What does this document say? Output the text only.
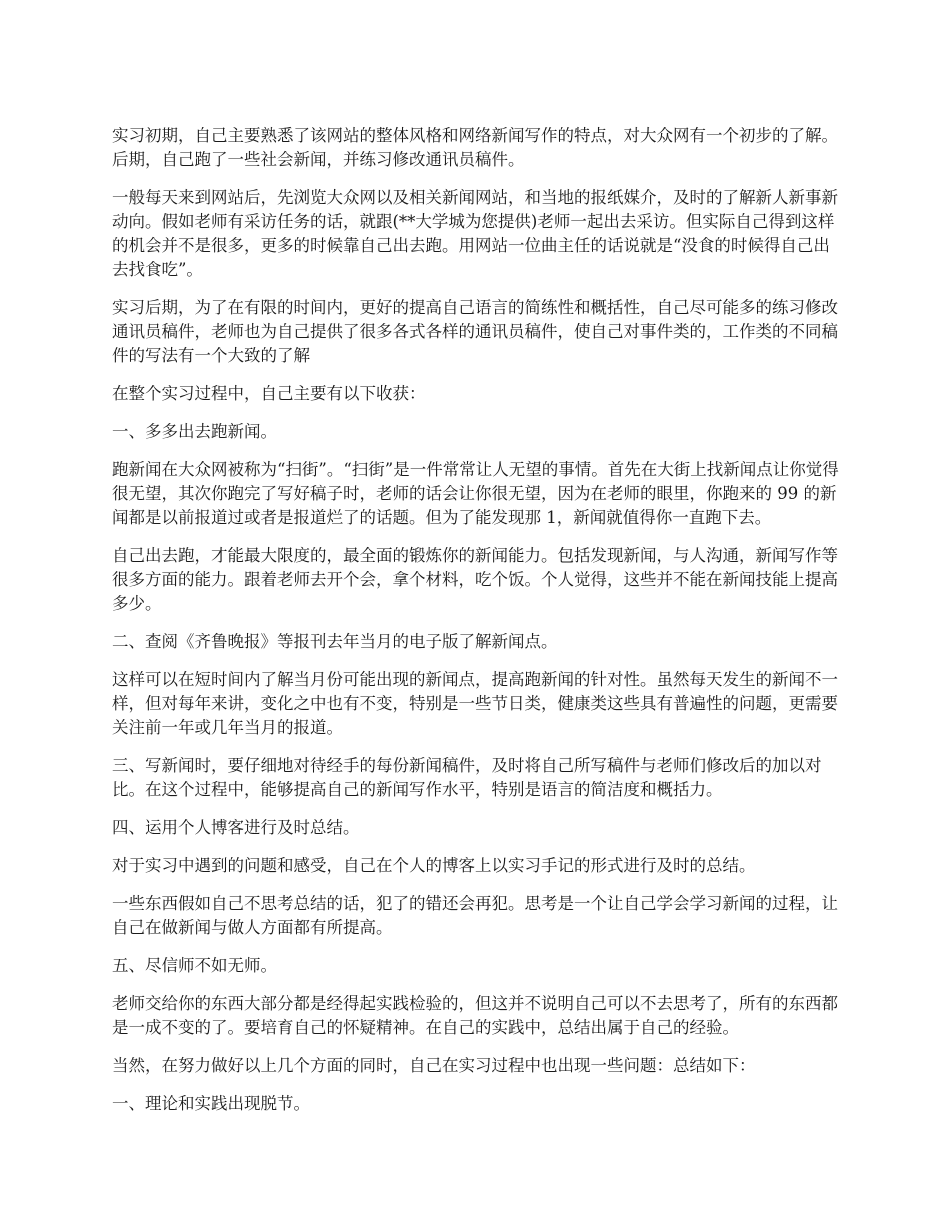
实习初期，自己主要熟悉了该网站的整体风格和网络新闻写作的特点，对大众网有一个初步的了解。后期，自己跑了一些社会新闻，并练习修改通讯员稿件。

一般每天来到网站后，先浏览大众网以及相关新闻网站，和当地的报纸媒介，及时的了解新人新事新动向。假如老师有采访任务的话，就跟(**大学城为您提供)老师一起出去采访。但实际自己得到这样的机会并不是很多，更多的时候靠自己出去跑。用网站一位曲主任的话说就是“没食的时候得自己出去找食吃”。

实习后期，为了在有限的时间内，更好的提高自己语言的简练性和概括性，自己尽可能多的练习修改通讯员稿件，老师也为自己提供了很多各式各样的通讯员稿件，使自己对事件类的，工作类的不同稿件的写法有一个大致的了解

在整个实习过程中，自己主要有以下收获：

一、多多出去跑新闻。

跑新闻在大众网被称为“扫街”。“扫街”是一件常常让人无望的事情。首先在大街上找新闻点让你觉得很无望，其次你跑完了写好稿子时，老师的话会让你很无望，因为在老师的眼里，你跑来的 99 的新闻都是以前报道过或者是报道烂了的话题。但为了能发现那 1，新闻就值得你一直跑下去。

自己出去跑，才能最大限度的，最全面的锻炼你的新闻能力。包括发现新闻，与人沟通，新闻写作等很多方面的能力。跟着老师去开个会，拿个材料，吃个饭。个人觉得，这些并不能在新闻技能上提高多少。

二、查阅《齐鲁晚报》等报刊去年当月的电子版了解新闻点。

这样可以在短时间内了解当月份可能出现的新闻点，提高跑新闻的针对性。虽然每天发生的新闻不一样，但对每年来讲，变化之中也有不变，特别是一些节日类，健康类这些具有普遍性的问题，更需要关注前一年或几年当月的报道。

三、写新闻时，要仔细地对待经手的每份新闻稿件，及时将自己所写稿件与老师们修改后的加以对比。在这个过程中，能够提高自己的新闻写作水平，特别是语言的简洁度和概括力。

四、运用个人博客进行及时总结。

对于实习中遇到的问题和感受，自己在个人的博客上以实习手记的形式进行及时的总结。

一些东西假如自己不思考总结的话，犯了的错还会再犯。思考是一个让自己学会学习新闻的过程，让自己在做新闻与做人方面都有所提高。

五、尽信师不如无师。

老师交给你的东西大部分都是经得起实践检验的，但这并不说明自己可以不去思考了，所有的东西都是一成不变的了。要培育自己的怀疑精神。在自己的实践中，总结出属于自己的经验。

当然，在努力做好以上几个方面的同时，自己在实习过程中也出现一些问题：总结如下：

一、理论和实践出现脱节。
